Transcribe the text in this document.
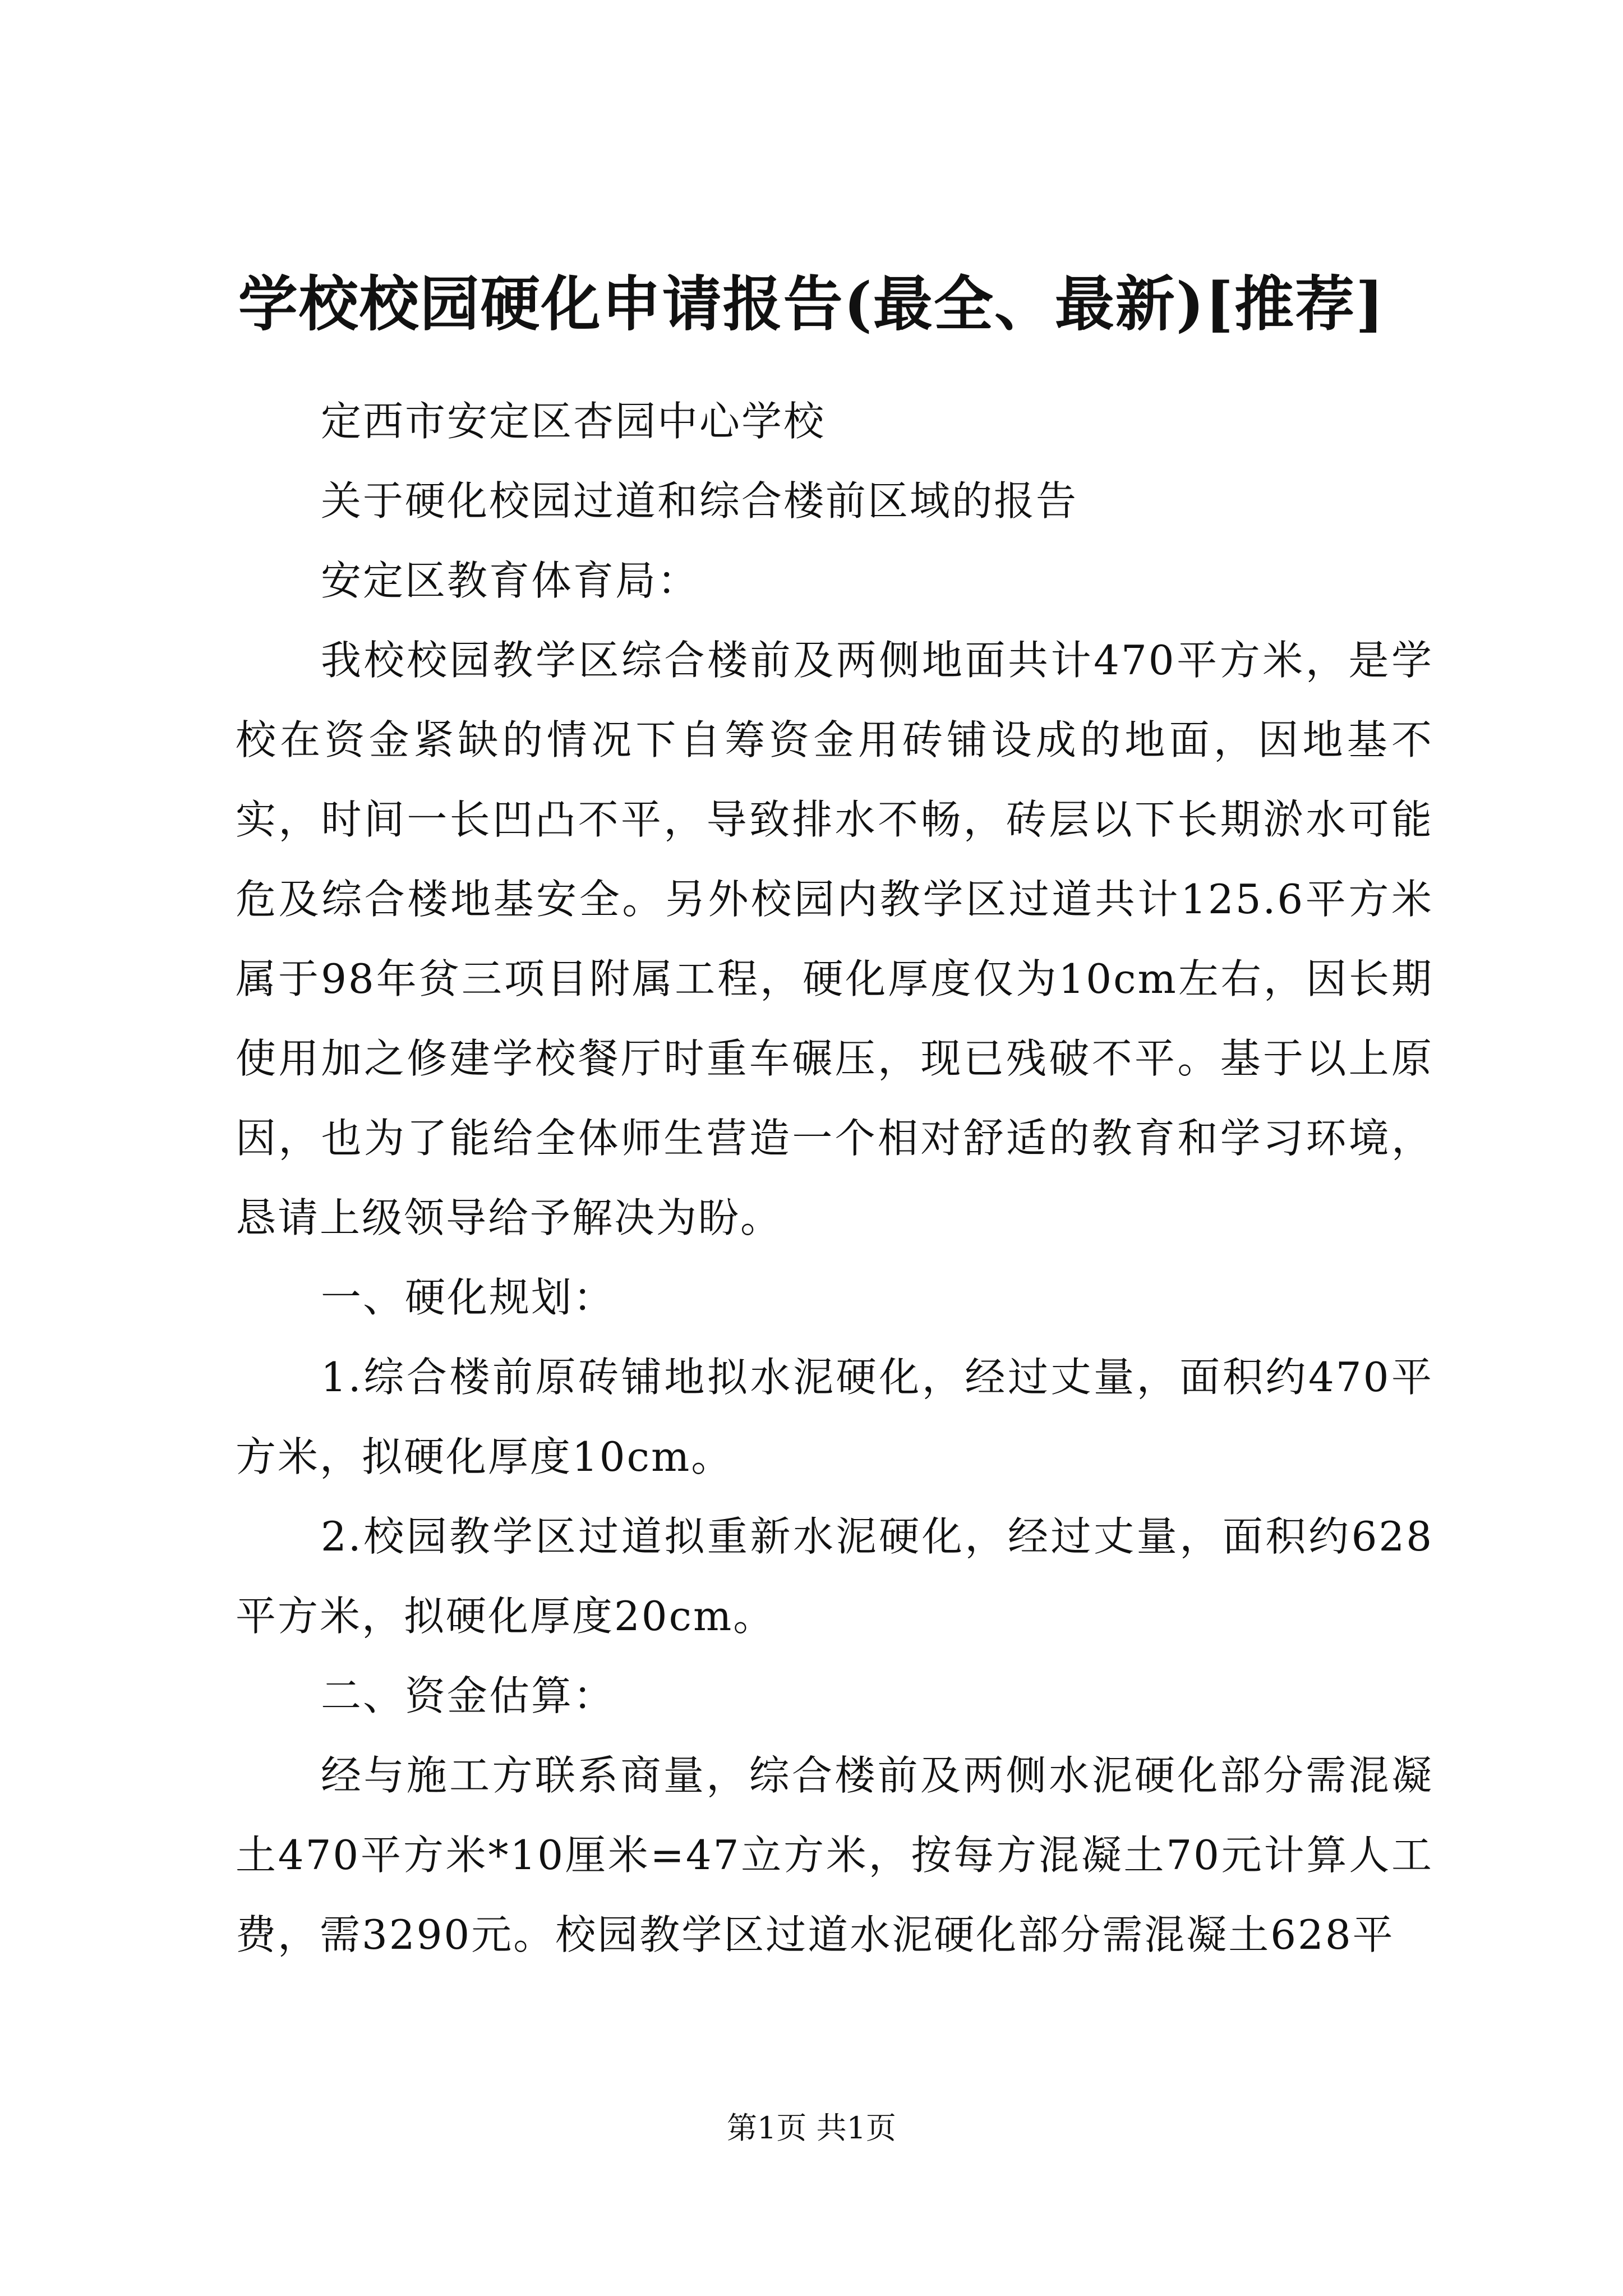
学校校园硬化申请报告(最全、最新)[推荐]

定西市安定区杏园中心学校

关于硬化校园过道和综合楼前区域的报告

安定区教育体育局：

我校校园教学区综合楼前及两侧地面共计470平方米，是学校在资金紧缺的情况下自筹资金用砖铺设成的地面，因地基不实，时间一长凹凸不平，导致排水不畅，砖层以下长期淤水可能危及综合楼地基安全。另外校园内教学区过道共计125.6平方米属于98年贫三项目附属工程，硬化厚度仅为10cm左右，因长期使用加之修建学校餐厅时重车碾压，现已残破不平。基于以上原因，也为了能给全体师生营造一个相对舒适的教育和学习环境，恳请上级领导给予解决为盼。

一、硬化规划：

1.综合楼前原砖铺地拟水泥硬化，经过丈量，面积约470平方米，拟硬化厚度10cm。

2.校园教学区过道拟重新水泥硬化，经过丈量，面积约628平方米，拟硬化厚度20cm。

二、资金估算：

经与施工方联系商量，综合楼前及两侧水泥硬化部分需混凝土470平方米*10厘米=47立方米，按每方混凝土70元计算人工费，需3290元。校园教学区过道水泥硬化部分需混凝土628平

第1页 共1页
